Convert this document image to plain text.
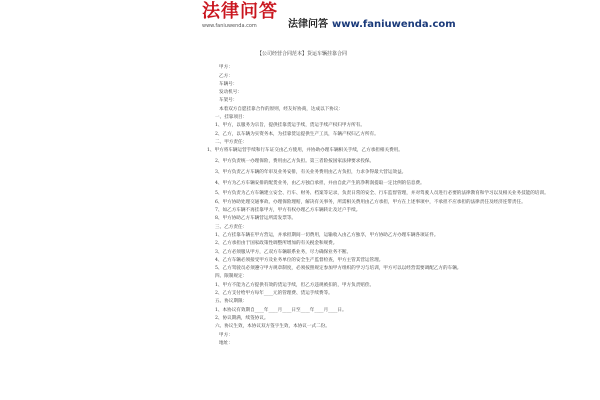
法律问答
www.faniuwenda.com	法律问答 www.faniuwenda.com
【公司经营合同范本】货运车辆挂靠合同

甲方：

乙方：

车辆号：

发动机号：

车架号：

本着双方自愿挂靠合作的原则，经友好协商，达成以下协议：

一、挂靠项目：

1、甲方，以服务为宗旨，提供挂靠货运手续，货运手续产权归甲方所有。

2、乙方，以车辆为实资务本，为挂靠货运提供生产工具，车辆产权归乙方所有。

二、甲方责任：

1、甲方将车辆运营手续和行车证交由乙方使用，并协助办理车辆相关手续，乙方承担相关费用。

2、甲方负责统一办理保险，费用由乙方负担。第三者险按国家法律要求投保。

3、甲方负责乙方车辆的年审及业务安排，有关业务费用由乙方负担，力求争得最大营运效益。

4、甲方为乙方车辆安排的配货业务，由乙方独自承担，并由自此产生的净利润提取一定比例的信息费。

5、甲方负责为乙方车辆建立安全、行车、财务、档案等记录，负责日常的安全、行车监督管理，并对驾驶人员进行必要的法律教育和学习以及相关业务技能的培训。

6、甲方协助处理交通事故、办理保险理赔，解决有关事务，所需相关费用由乙方承担，甲方在上述事项中，不承担不应承担的法律责任及经济连带责任。

7、如乙方车辆不再挂靠甲方，甲方有权办理乙方车辆转让及过户手续。

8、甲方协助乙方车辆营运所需发票等。

三、乙方责任：

1、乙方挂靠车辆在甲方营运，并承担期间一切费用，运输收入由乙方独享，甲方协助乙方办理车辆各项证件。

2、乙方承担由于国家政策性调整所增加的有关税金和规费。

3、乙方必须服从甲方，乙双方车辆联系业务，尽力确保业务不断。

4、乙方车辆必须接受甲方及业务单位的安全生产监督检查，甲方主管其营运管理。

5、乙方驾驶员必须遵守甲方规章制度，必须按照规定参加甲方组织的学习与培训，甲方可以以经营需要调配乙方的车辆。

四、限制规定：

1、甲方不能为乙方提供有效的货运手续，但乙方违规被扣的，甲方负责赔偿。

2、乙方支付给甲方每年____元的管理费、货运手续费等。

五、协议期限：

1、本协议有效期自____年____月____日至____年____月____日。

2、协议期满，续签协议。

六、协议生效，本协议双方签字生效，本协议一式二份。

甲方：

地址：
